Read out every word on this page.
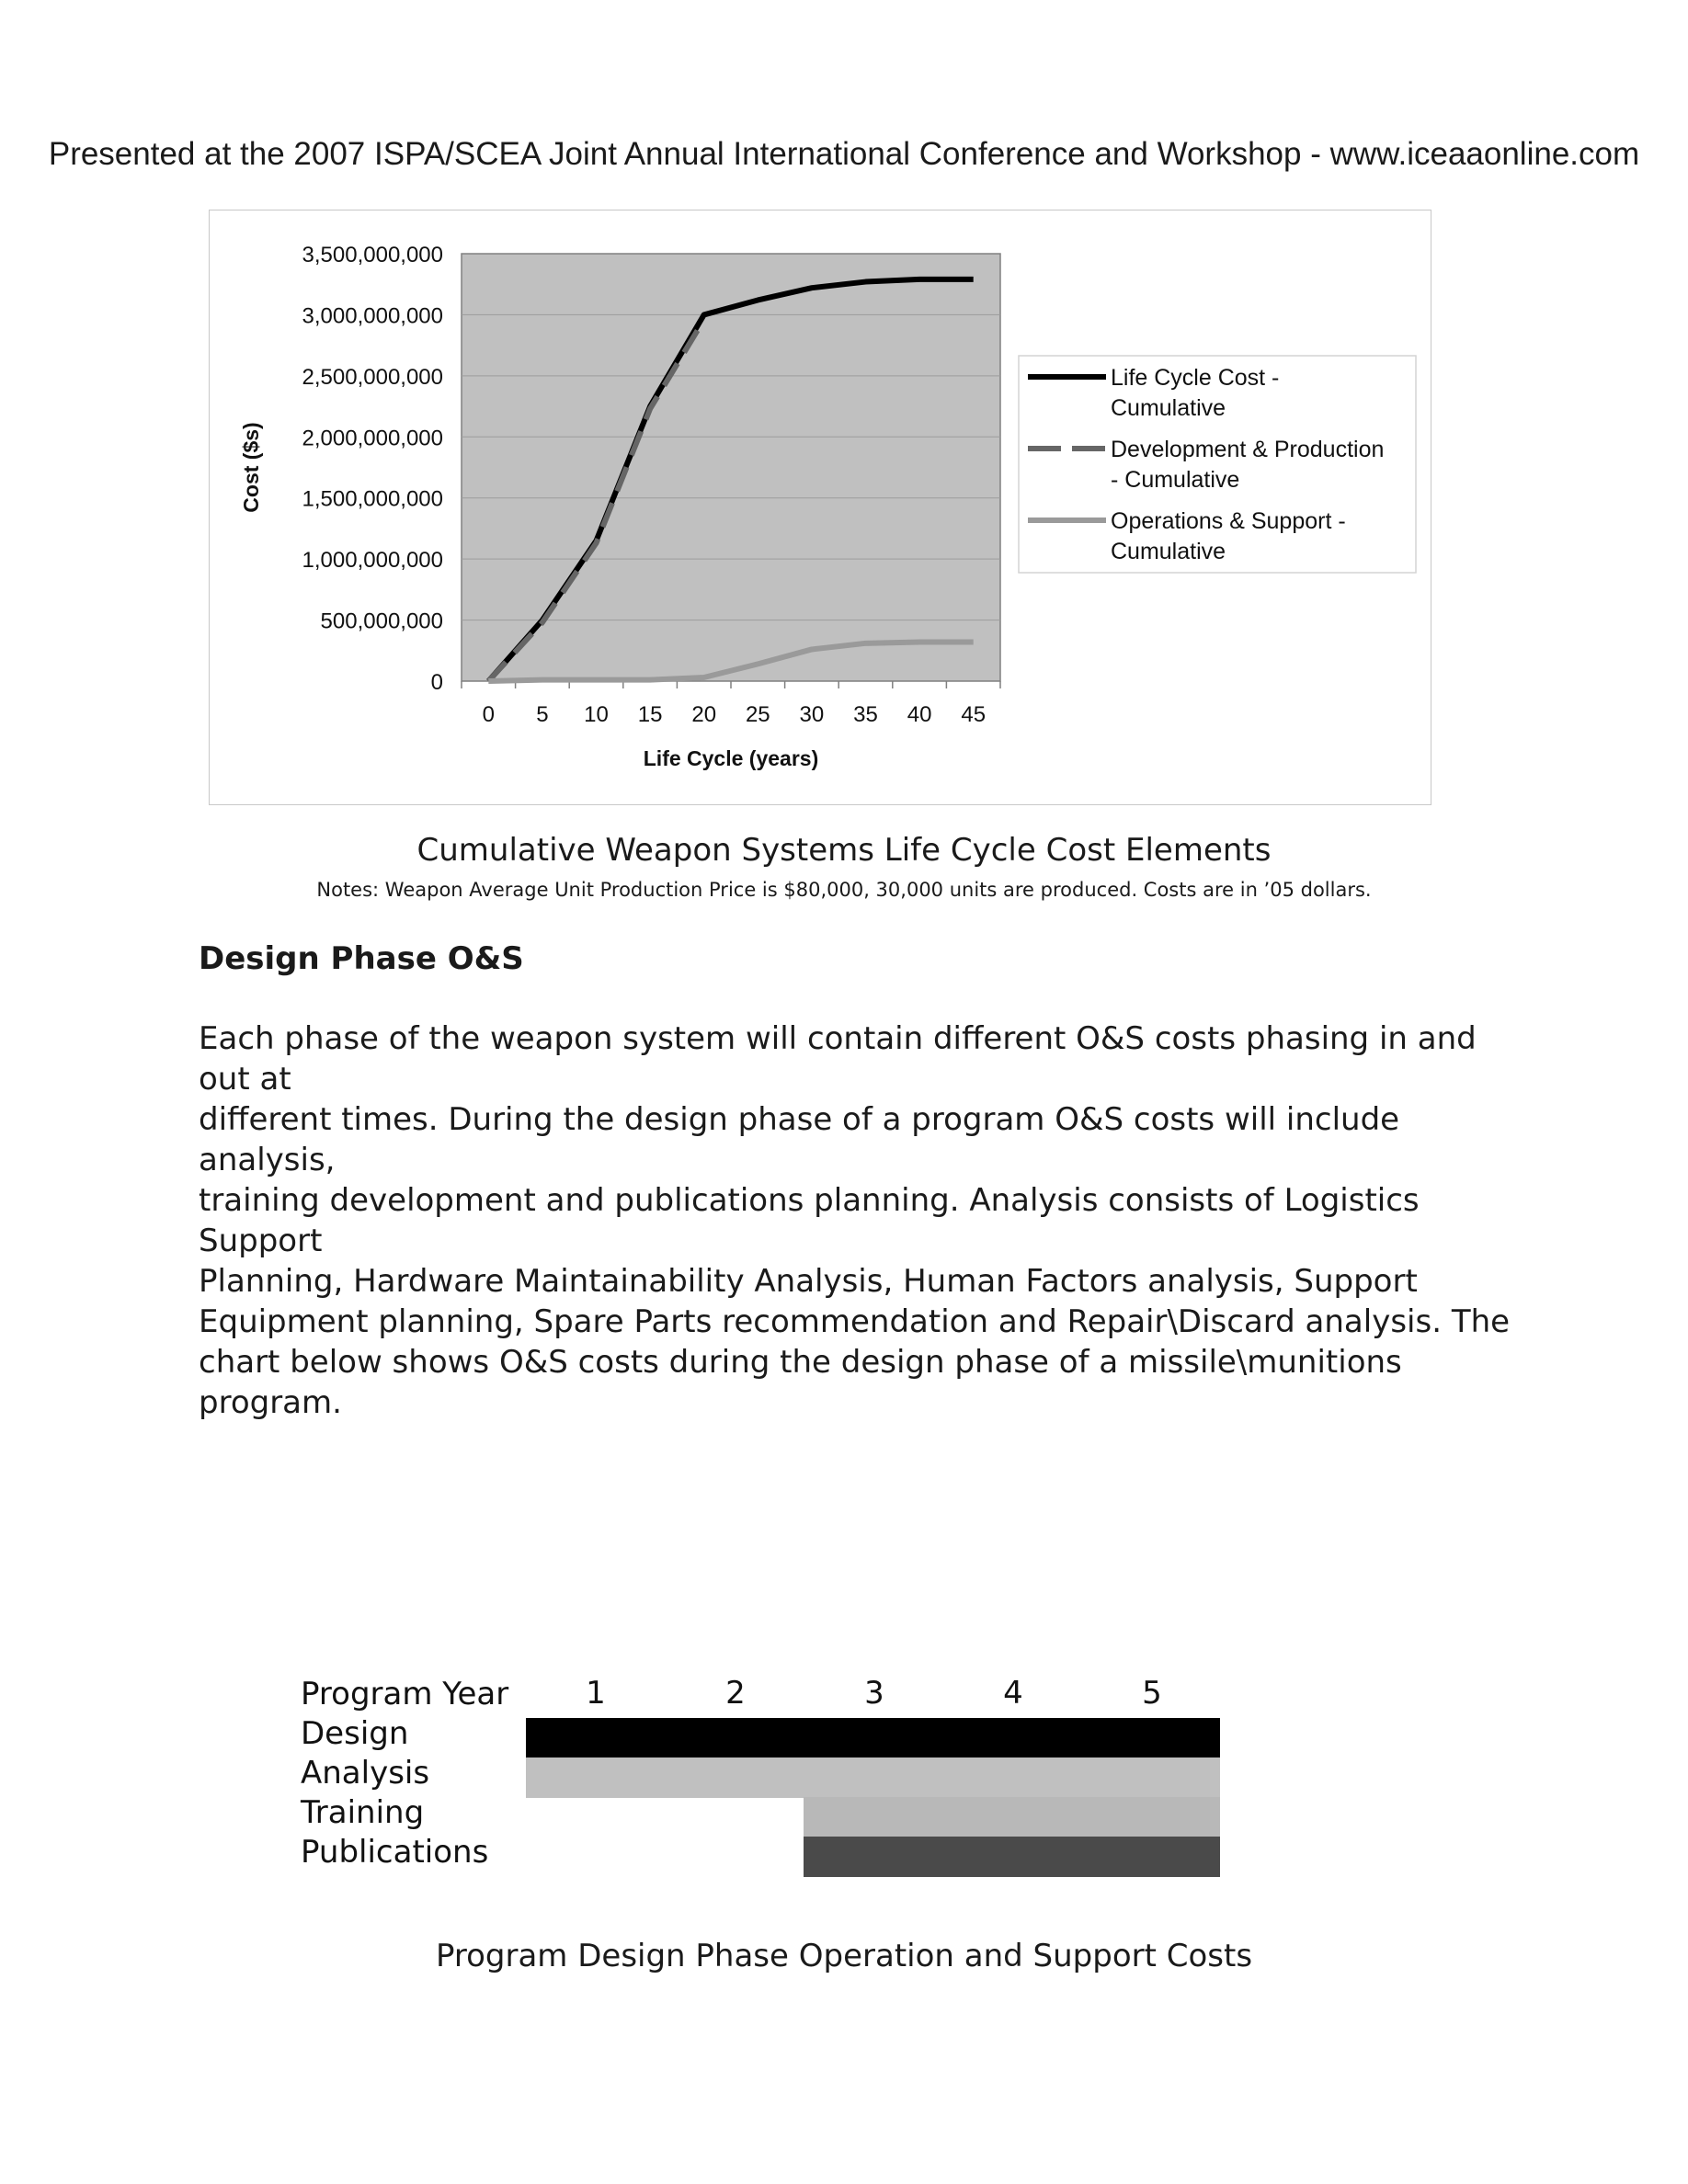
Presented at the 2007 ISPA/SCEA Joint Annual International Conference and Workshop - www.iceaaonline.com
3,500,000,000
3,000,000,000
2,500,000,000
2,000,000,000
1,500,000,000
1,000,000,000
500,000,000
0
0 5 10 15 20 25 30 35 40 45
Life Cycle (years)
Cost ($s)
Life Cycle Cost -Cumulative
Development & Production - Cumulative
Operations & Support -Cumulative
Cumulative Weapon Systems Life Cycle Cost Elements
Notes: Weapon Average Unit Production Price is $80,000, 30,000 units are produced. Costs are in ’05 dollars.
Design Phase O&S
Each phase of the weapon system will contain different O&S costs phasing in and out at
different times. During the design phase of a program O&S costs will include analysis,
training development and publications planning. Analysis consists of Logistics Support
Planning, Hardware Maintainability Analysis, Human Factors analysis, Support
Equipment planning, Spare Parts recommendation and Repair\Discard analysis. The
chart below shows O&S costs during the design phase of a missile\munitions program.
Program Year 1	2	3	4	5
Design
Analysis
Training
Publications
Program Design Phase Operation and Support Costs
